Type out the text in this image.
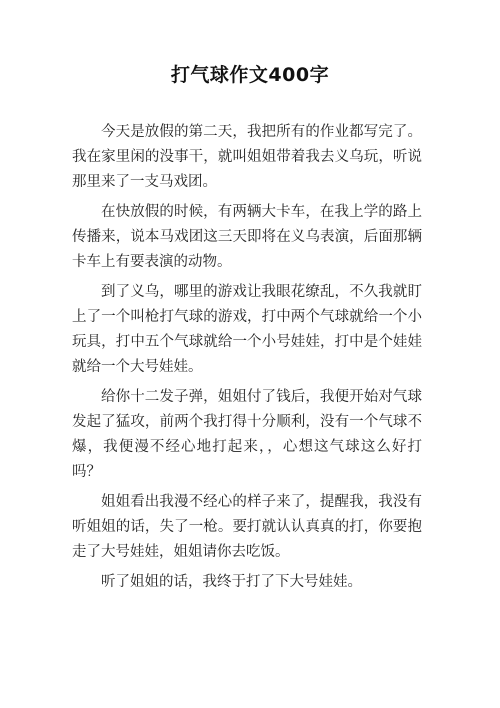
打气球作文400字

今天是放假的第二天，我把所有的作业都写完了。我在家里闲的没事干，就叫姐姐带着我去义乌玩，听说那里来了一支马戏团。

在快放假的时候，有两辆大卡车，在我上学的路上传播来，说本马戏团这三天即将在义乌表演，后面那辆卡车上有要表演的动物。

到了义乌，哪里的游戏让我眼花缭乱，不久我就盯上了一个叫枪打气球的游戏，打中两个气球就给一个小玩具，打中五个气球就给一个小号娃娃，打中是个娃娃就给一个大号娃娃。

给你十二发子弹，姐姐付了钱后，我便开始对气球发起了猛攻，前两个我打得十分顺利，没有一个气球不爆，我便漫不经心地打起来，，心想这气球这么好打吗？

姐姐看出我漫不经心的样子来了，提醒我，我没有听姐姐的话，失了一枪。要打就认认真真的打，你要抱走了大号娃娃，姐姐请你去吃饭。

听了姐姐的话，我终于打了下大号娃娃。
